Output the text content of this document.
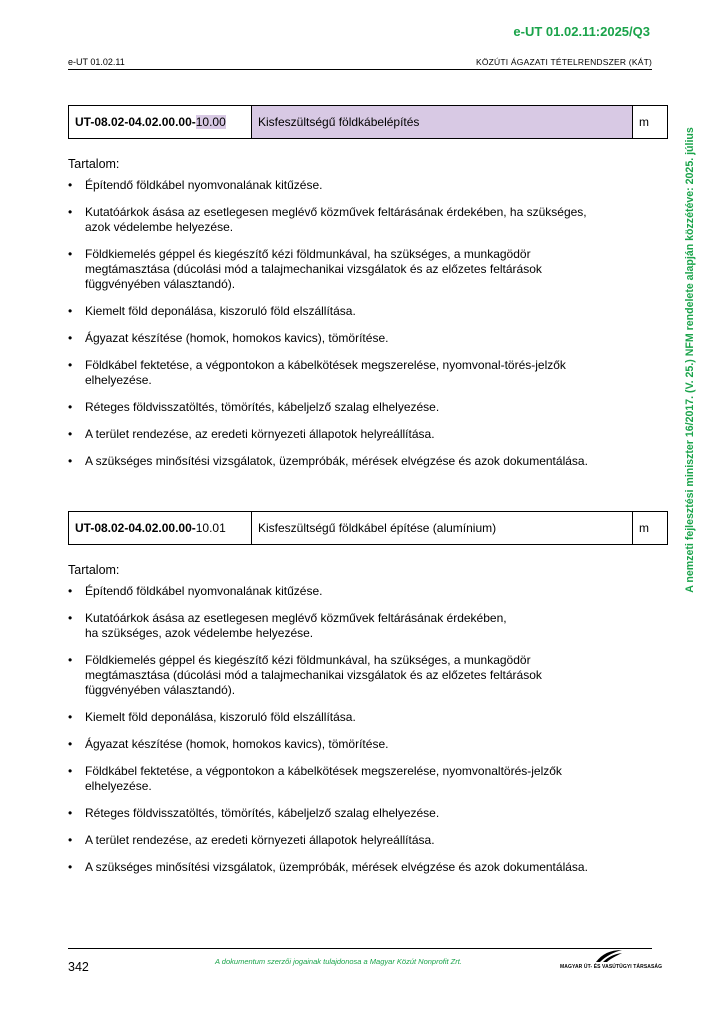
e-UT 01.02.11:2025/Q3
e-UT 01.02.11	KÖZÚTI ÁGAZATI TÉTELRENDSZER (KÁT)
A nemzeti fejlesztési miniszter 16/2017. (V. 25.) NFM rendelete alapján közzétéve: 2025. július
UT-08.02-04.02.00.00-10.00	Kisfeszültségű földkábelépítés	m
Tartalom:
• Építendő földkábel nyomvonalának kitűzése.
• Kutatóárkok ásása az esetlegesen meglévő közművek feltárásának érdekében, ha szükséges,
azok védelembe helyezése.
• Földkiemelés géppel és kiegészítő kézi földmunkával, ha szükséges, a munkagödör
megtámasztása (dúcolási mód a talajmechanikai vizsgálatok és az előzetes feltárások
függvényében választandó).
• Kiemelt föld deponálása, kiszoruló föld elszállítása.
• Ágyazat készítése (homok, homokos kavics), tömörítése.
• Földkábel fektetése, a végpontokon a kábelkötések megszerelése, nyomvonal-törés-jelzők
elhelyezése.
• Réteges földvisszatöltés, tömörítés, kábeljelző szalag elhelyezése.
• A terület rendezése, az eredeti környezeti állapotok helyreállítása.
• A szükséges minősítési vizsgálatok, üzempróbák, mérések elvégzése és azok dokumentálása.
UT-08.02-04.02.00.00-10.01	Kisfeszültségű földkábel építése (alumínium)	m
Tartalom:
• Építendő földkábel nyomvonalának kitűzése.
• Kutatóárkok ásása az esetlegesen meglévő közművek feltárásának érdekében,
ha szükséges, azok védelembe helyezése.
• Földkiemelés géppel és kiegészítő kézi földmunkával, ha szükséges, a munkagödör
megtámasztása (dúcolási mód a talajmechanikai vizsgálatok és az előzetes feltárások
függvényében választandó).
• Kiemelt föld deponálása, kiszoruló föld elszállítása.
• Ágyazat készítése (homok, homokos kavics), tömörítése.
• Földkábel fektetése, a végpontokon a kábelkötések megszerelése, nyomvonaltörés-jelzők
elhelyezése.
• Réteges földvisszatöltés, tömörítés, kábeljelző szalag elhelyezése.
• A terület rendezése, az eredeti környezeti állapotok helyreállítása.
• A szükséges minősítési vizsgálatok, üzempróbák, mérések elvégzése és azok dokumentálása.
342	A dokumentum szerzői jogainak tulajdonosa a Magyar Közút Nonprofit Zrt.
MAGYAR ÚT- ÉS VASÚTÜGYI TÁRSASÁG
